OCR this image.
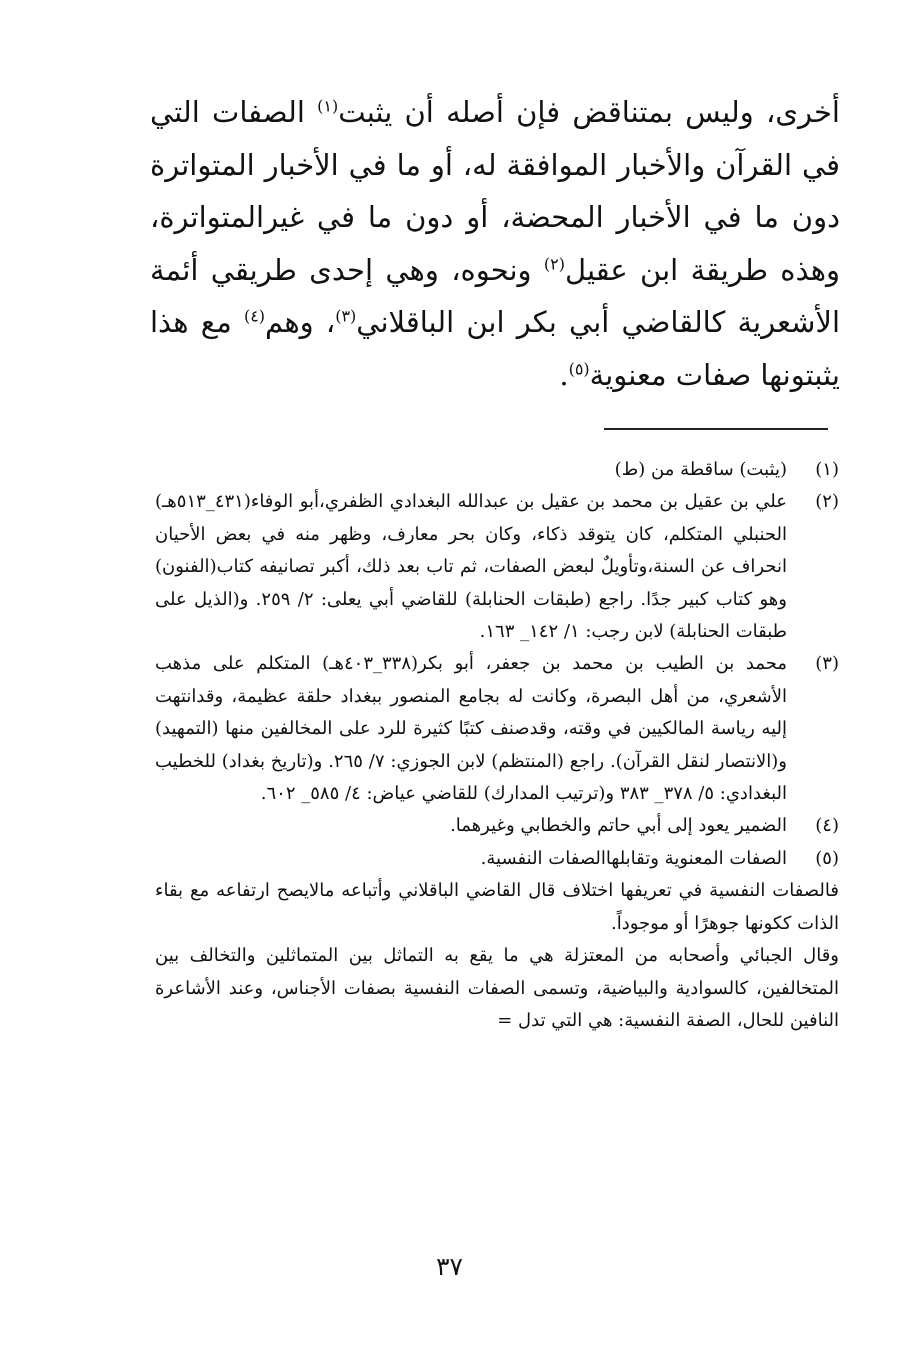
أخرى، وليس بمتناقض فإن أصله أن يثبت$^{(١)}$ الصفات التي في القرآن والأخبار الموافقة له، أو ما في الأخبار المتواترة دون ما في الأخبار المحضة، أو دون ما في غيرالمتواترة، وهذه طريقة ابن عقيل$^{(٢)}$ ونحوه، وهي إحدى طريقي أئمة الأشعرية كالقاضي أبي بكر ابن الباقلاني$^{(٣)}$، وهم$^{(٤)}$ مع هذا يثبتونها صفات معنوية$^{(٥)}$.

(١)
(يثبت) ساقطة من (ط)
(٢)
علي بن عقيل بن محمد بن عقيل بن عبدالله البغدادي الظفري،أبو الوفاء(٤٣١_٥١٣هـ) الحنبلي المتكلم، كان يتوقد ذكاء، وكان بحر معارف، وظهر منه في بعض الأحيان انحراف عن السنة،وتأويلٌ لبعض الصفات، ثم تاب بعد ذلك، أكبر تصانيفه كتاب(الفنون) وهو كتاب كبير جدًا. راجع (طبقات الحنابلة) للقاضي أبي يعلى: ٢/ ٢٥٩. و(الذيل على طبقات الحنابلة) لابن رجب: ١/ ١٤٢_ ١٦٣.
(٣)
محمد بن الطيب بن محمد بن جعفر، أبو بكر(٣٣٨_٤٠٣هـ) المتكلم على مذهب الأشعري، من أهل البصرة، وكانت له بجامع المنصور ببغداد حلقة عظيمة، وقدانتهت إليه رياسة المالكيين في وقته، وقدصنف كتبًا كثيرة للرد على المخالفين منها (التمهيد) و(الانتصار لنقل القرآن). راجع (المنتظم) لابن الجوزي: ٧/ ٢٦٥. و(تاريخ بغداد) للخطيب البغدادي: ٥/ ٣٧٨_ ٣٨٣ و(ترتيب المدارك) للقاضي عياض: ٤/ ٥٨٥_ ٦٠٢.
(٤)
الضمير يعود إلى أبي حاتم والخطابي وغيرهما.
(٥)
الصفات المعنوية وتقابلهاالصفات النفسية.
فالصفات النفسية في تعريفها اختلاف قال القاضي الباقلاني وأتباعه مالايصح ارتفاعه مع بقاء الذات ككونها جوهرًا أو موجوداً.
وقال الجبائي وأصحابه من المعتزلة هي ما يقع به التماثل بين المتماثلين والتخالف بين المتخالفين، كالسوادية والبياضية، وتسمى الصفات النفسية بصفات الأجناس، وعند الأشاعرة النافين للحال، الصفة النفسية: هي التي تدل =
٣٧
